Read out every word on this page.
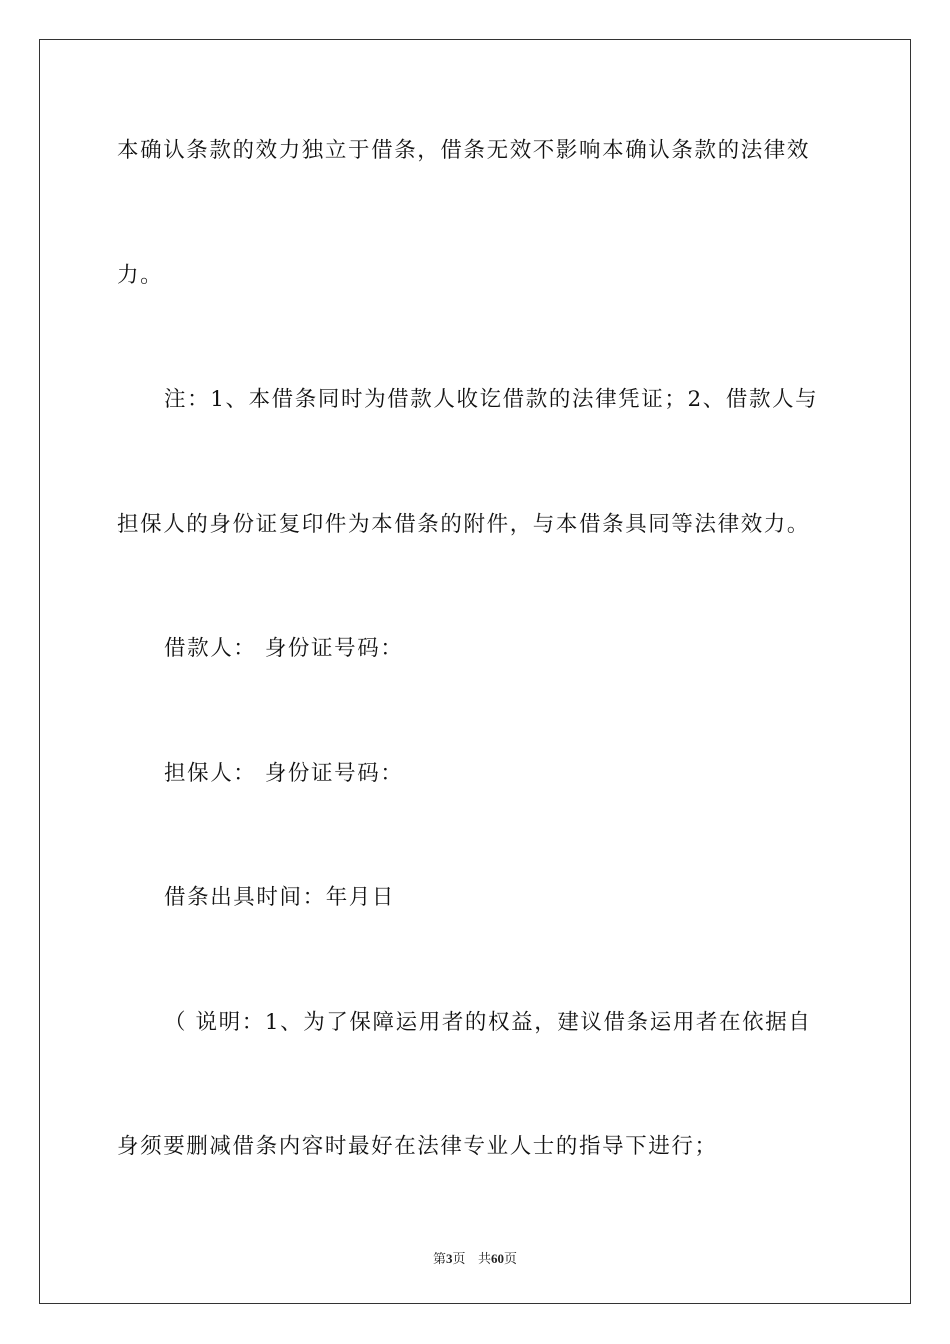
本确认条款的效力独立于借条，借条无效不影响本确认条款的法律效
力。
注：1、本借条同时为借款人收讫借款的法律凭证；2、借款人与
担保人的身份证复印件为本借条的附件，与本借条具同等法律效力。
借款人： 身份证号码：
担保人： 身份证号码：
借条出具时间：年月日
（ 说明：1、为了保障运用者的权益，建议借条运用者在依据自
身须要删减借条内容时最好在法律专业人士的指导下进行；
第3页 共60页
